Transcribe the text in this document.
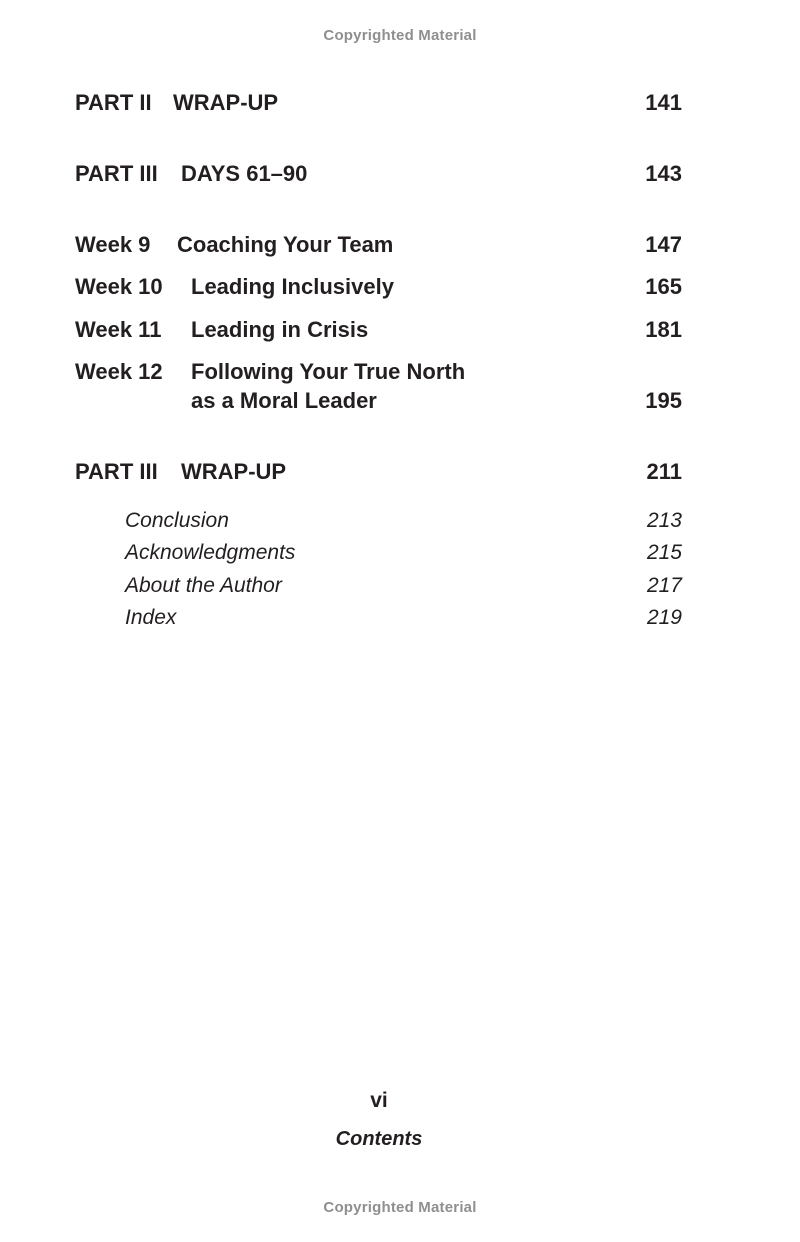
Copyrighted Material
PART II WRAP-UP	141
PART III DAYS 61–90	143
Week 9 Coaching Your Team	147
Week 10 Leading Inclusively	165
Week 11 Leading in Crisis	181
Week 12 Following Your True North
as a Moral Leader	195
PART III WRAP-UP	211
Conclusion	213
Acknowledgments	215
About the Author	217
Index	219
vi
Contents
Copyrighted Material
